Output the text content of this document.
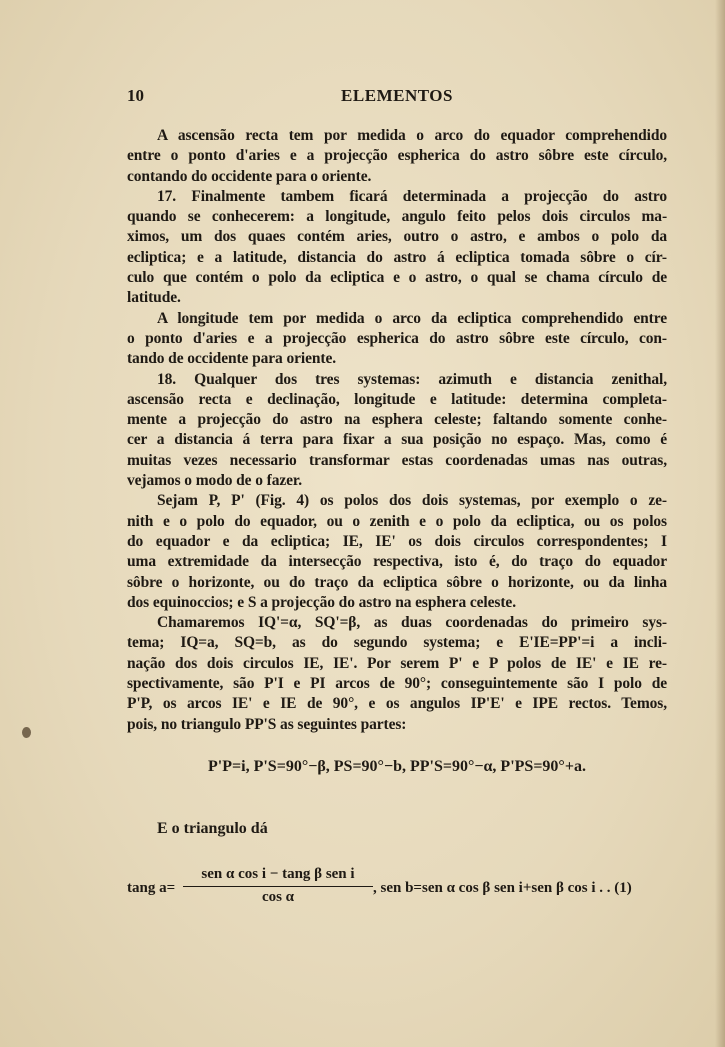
10	ELEMENTOS
A ascensão recta tem por medida o arco do equador comprehendido
entre o ponto d'aries e a projecção espherica do astro sôbre este círculo,
contando do occidente para o oriente.
17. Finalmente tambem ficará determinada a projecção do astro
quando se conhecerem: a longitude, angulo feito pelos dois circulos ma-
ximos, um dos quaes contém aries, outro o astro, e ambos o polo da
ecliptica; e a latitude, distancia do astro á ecliptica tomada sôbre o cír-
culo que contém o polo da ecliptica e o astro, o qual se chama círculo de
latitude.
A longitude tem por medida o arco da ecliptica comprehendido entre
o ponto d'aries e a projecção espherica do astro sôbre este círculo, con-
tando de occidente para oriente.
18. Qualquer dos tres systemas: azimuth e distancia zenithal,
ascensão recta e declinação, longitude e latitude: determina completa-
mente a projecção do astro na esphera celeste; faltando somente conhe-
cer a distancia á terra para fixar a sua posição no espaço. Mas, como é
muitas vezes necessario transformar estas coordenadas umas nas outras,
vejamos o modo de o fazer.
Sejam P, P' (Fig. 4) os polos dos dois systemas, por exemplo o ze-
nith e o polo do equador, ou o zenith e o polo da ecliptica, ou os polos
do equador e da ecliptica; IE, IE' os dois circulos correspondentes; I
uma extremidade da intersecção respectiva, isto é, do traço do equador
sôbre o horizonte, ou do traço da ecliptica sôbre o horizonte, ou da linha
dos equinoccios; e S a projecção do astro na esphera celeste.
Chamaremos IQ'=α, SQ'=β, as duas coordenadas do primeiro sys-
tema; IQ=a, SQ=b, as do segundo systema; e E'IE=PP'=i a incli-
nação dos dois circulos IE, IE'. Por serem P' e P polos de IE' e IE re-
spectivamente, são P'I e PI arcos de 90°; conseguintemente são I polo de
P'P, os arcos IE' e IE de 90°, e os angulos IP'E' e IPE rectos. Temos,
pois, no triangulo PP'S as seguintes partes:
P'P=i, P'S=90°−β, PS=90°−b, PP'S=90°−α, P'PS=90°+a.
E o triangulo dá
tang a=
sen α cos i − tang β sen i
cos α
, sen b=sen α cos β sen i+sen β cos i . . (1)
